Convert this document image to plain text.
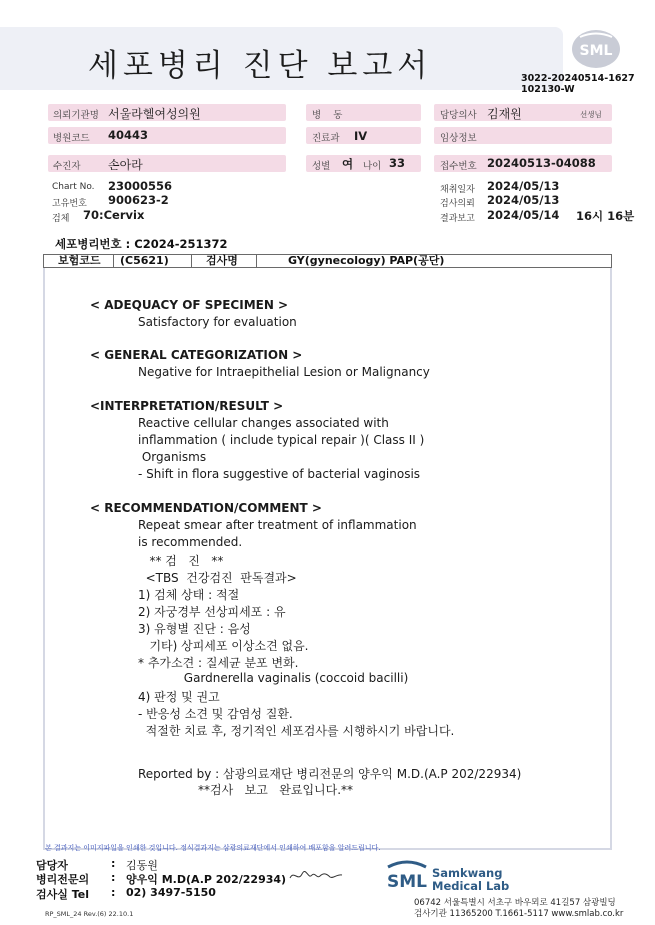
세포병리 진단 보고서	SML
3022-20240514-1627
102130-W
의뢰기관명 서울라헬여성의원	병    동	담당의사 김재원	선생님
병원코드 40443	진료과 IV	임상정보
수진자 손아라	성별 여 나이 33	접수번호 20240513-04088
Chart No. 23000556
고유번호 900623-2
검체 70:Cervix
채취일자 2024/05/13
검사의뢰 2024/05/13
결과보고 2024/05/14 16시 16분
세포병리번호 : C2024-251372
보험코드 (C5621)	검사명	GY(gynecology) PAP(공단)
< ADEQUACY OF SPECIMEN >
Satisfactory for evaluation
< GENERAL CATEGORIZATION >
Negative for Intraepithelial Lesion or Malignancy
<INTERPRETATION/RESULT >
Reactive cellular changes associated with
inflammation ( include typical repair )( Class II )
Organisms
- Shift in flora suggestive of bacterial vaginosis
< RECOMMENDATION/COMMENT >
Repeat smear after treatment of inflammation
is recommended.
** 검   진   **
<TBS  건강검진  판독결과>
1) 검체 상태 : 적절
2) 자궁경부 선상피세포 : 유
3) 유형별 진단 : 음성
기타) 상피세포 이상소견 없음.
* 추가소견 : 질세균 분포 변화.
Gardnerella vaginalis (coccoid bacilli)
4) 판정 및 권고
- 반응성 소견 및 감염성 질환.
적절한 치료 후, 정기적인 세포검사를 시행하시기 바랍니다.
Reported by : 삼광의료재단 병리전문의 양우익 M.D.(A.P 202/22934)
**검사   보고   완료입니다.**
본 결과지는 이미지파일을 인쇄한 것입니다. 정식결과지는 삼광의료재단에서 인쇄하여 배포함을 알려드립니다.
담당자	: 김동원
병리전문의 : 양우익 M.D(A.P 202/22934)
검사실 Tel : 02) 3497-5150
SML Samkwang
Medical Lab
06742 서울특별시 서초구 바우뫼로 41길57 삼광빌딩
검사기관 11365200 T.1661-5117 www.smlab.co.kr
RP_SML_24 Rev.(6) 22.10.1
